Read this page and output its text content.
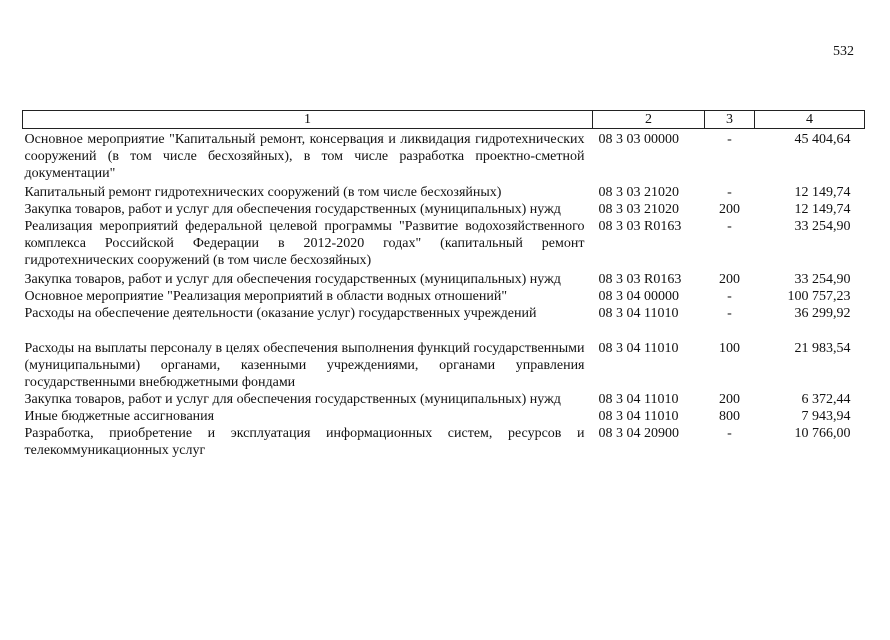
532
1	2	3	4
Основное мероприятие "Капитальный ремонт, консервация и ликвидация гидротехнических сооружений (в том числе бесхозяйных), в том числе разработка проектно-сметной документации"	08 3 03 00000	-	45 404,64
Капитальный ремонт гидротехнических сооружений (в том числе бесхозяйных)	08 3 03 21020	-	12 149,74
Закупка товаров, работ и услуг для обеспечения государственных (муниципальных) нужд	08 3 03 21020	200	12 149,74
Реализация мероприятий федеральной целевой программы "Развитие водохозяйственного комплекса Российской Федерации в 2012-2020 годах" (капитальный ремонт гидротехнических сооружений (в том числе бесхозяйных)	08 3 03 R0163	-	33 254,90
Закупка товаров, работ и услуг для обеспечения государственных (муниципальных) нужд	08 3 03 R0163	200	33 254,90
Основное мероприятие "Реализация мероприятий в области водных отношений"	08 3 04 00000	-	100 757,23
Расходы на обеспечение деятельности (оказание услуг) государственных учреждений	08 3 04 11010	-	36 299,92
Расходы на выплаты персоналу в целях обеспечения выполнения функций государственными (муниципальными) органами, казенными учреждениями, органами управления государственными внебюджетными фондами	08 3 04 11010	100	21 983,54
Закупка товаров, работ и услуг для обеспечения государственных (муниципальных) нужд	08 3 04 11010	200	6 372,44
Иные бюджетные ассигнования	08 3 04 11010	800	7 943,94
Разработка, приобретение и эксплуатация информационных систем, ресурсов и телекоммуникационных услуг	08 3 04 20900	-	10 766,00
